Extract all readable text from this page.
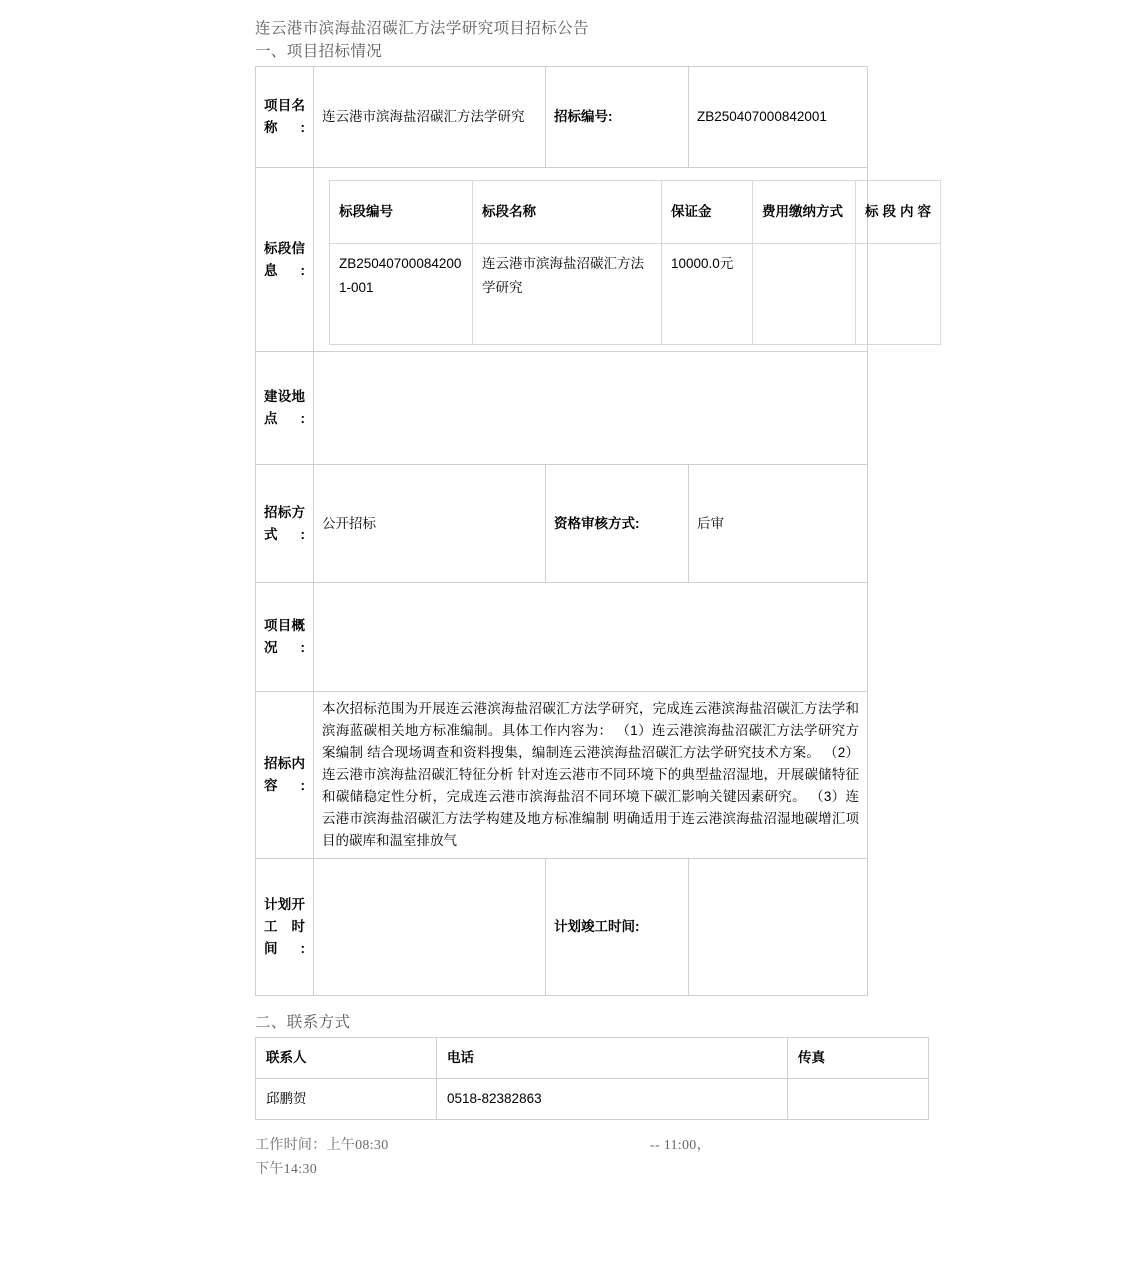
连云港市滨海盐沼碳汇方法学研究项目招标公告
一、项目招标情况
项目名称:
	连云港市滨海盐沼碳汇方法学研究	招标编号:	ZB250407000842001

标段信息:

标段编号	标段名称	保证金	费用缴纳方式	标段内容

ZB250407000842001-001	连云港市滨海盐沼碳汇方法学研究	10000.0元		

建设地点:

招标方式:
	公开招标	资格审核方式:	后审

项目概况:

招标内容:
	本次招标范围为开展连云港滨海盐沼碳汇方法学研究，完成连云港滨海盐沼碳汇方法学和滨海蓝碳相关地方标准编制。具体工作内容为： （1）连云港滨海盐沼碳汇方法学研究方案编制 结合现场调查和资料搜集，编制连云港滨海盐沼碳汇方法学研究技术方案。 （2）连云港市滨海盐沼碳汇特征分析 针对连云港市不同环境下的典型盐沼湿地，开展碳储特征和碳储稳定性分析，完成连云港市滨海盐沼不同环境下碳汇影响关键因素研究。 （3）连云港市滨海盐沼碳汇方法学构建及地方标准编制 明确适用于连云港滨海盐沼湿地碳增汇项目的碳库和温室排放气

计划开工时间:
		计划竣工时间:	
二、联系方式
联系人	电话	传真
邱鹏贺	0518-82382863	
工作时间：上午08:30	-- 11:00，
下午14:30
